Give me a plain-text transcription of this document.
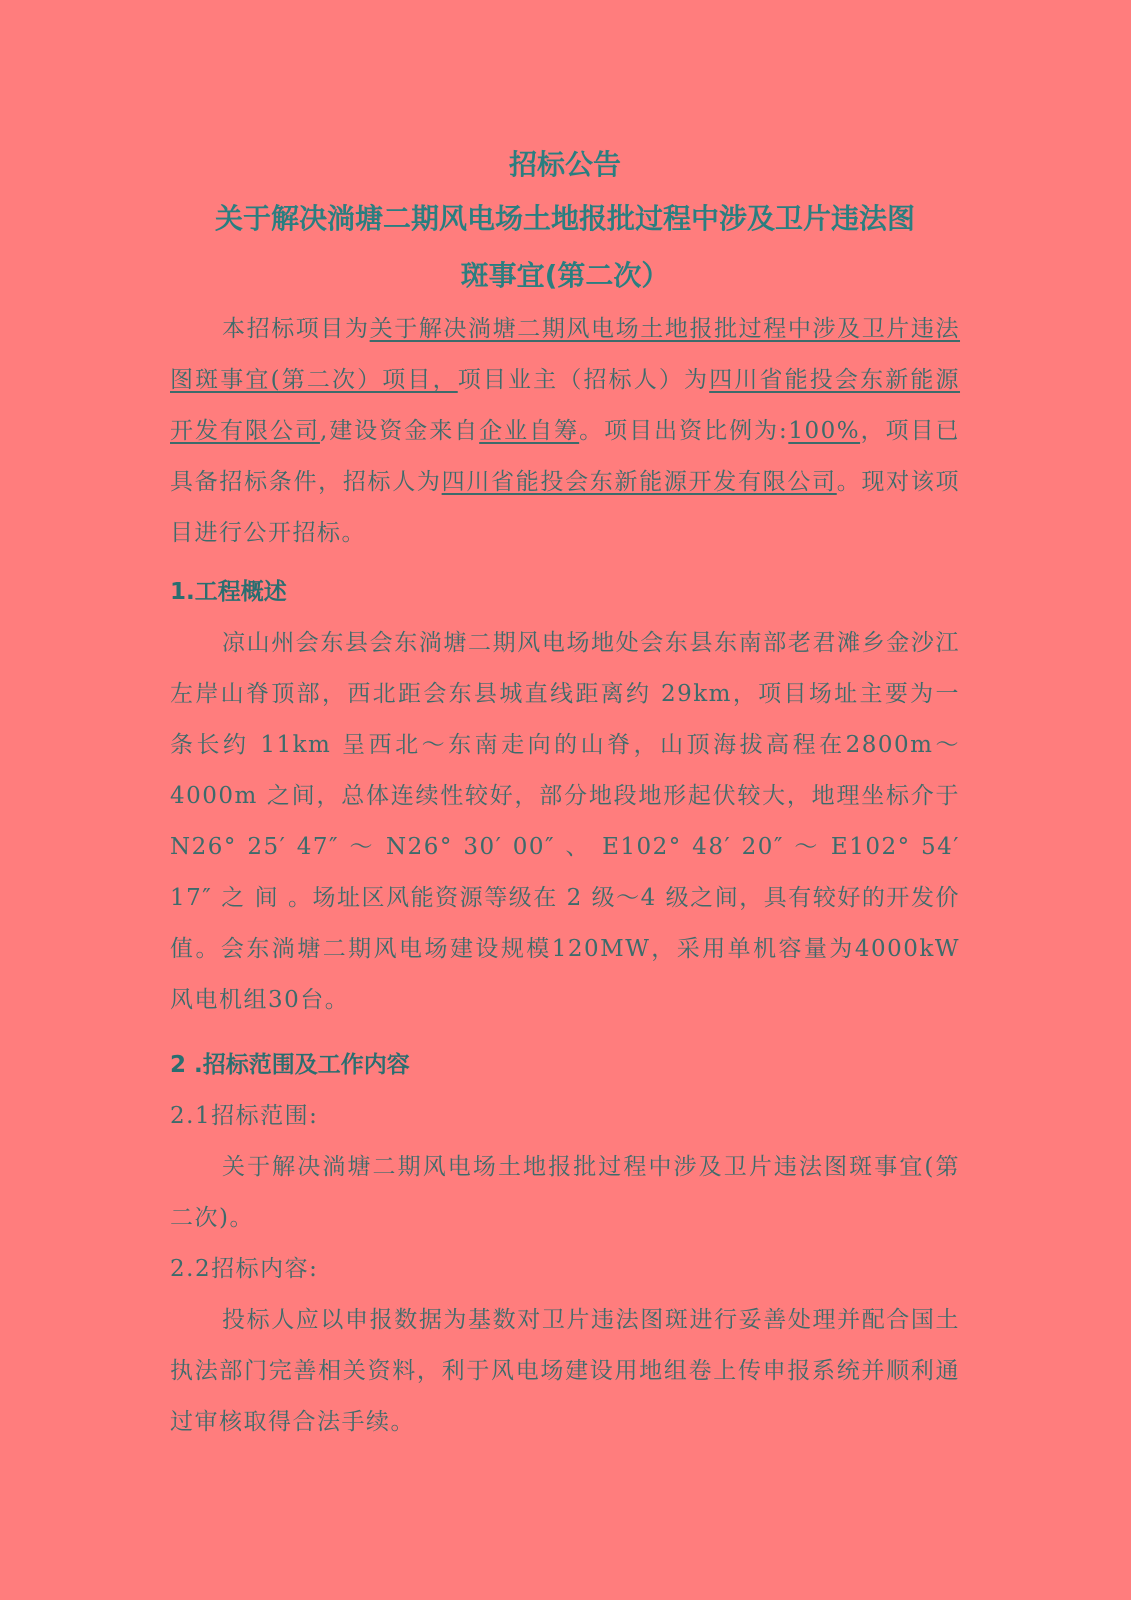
招标公告
关于解决淌塘二期风电场土地报批过程中涉及卫片违法图
斑事宜(第二次）

本招标项目为关于解决淌塘二期风电场土地报批过程中涉及卫片违法图斑事宜(第二次）项目，项目业主（招标人）为四川省能投会东新能源开发有限公司,建设资金来自企业自筹。项目出资比例为:100%，项目已具备招标条件，招标人为四川省能投会东新能源开发有限公司。现对该项目进行公开招标。

1.工程概述

凉山州会东县会东淌塘二期风电场地处会东县东南部老君滩乡金沙江左岸山脊顶部，西北距会东县城直线距离约 29km，项目场址主要为一条长约 11km 呈西北～东南走向的山脊，山顶海拔高程在2800m～ 4000m 之间，总体连续性较好，部分地段地形起伏较大，地理坐标介于N26° 25′ 47″ ～ N26° 30′ 00″ 、 E102° 48′ 20″ ～ E102° 54′ 17″ 之 间 。场址区风能资源等级在 2 级～4 级之间，具有较好的开发价值。会东淌塘二期风电场建设规模120MW，采用单机容量为4000kW风电机组30台。

2 .招标范围及工作内容

2.1招标范围:

关于解决淌塘二期风电场土地报批过程中涉及卫片违法图斑事宜(第二次)。

2.2招标内容:

投标人应以申报数据为基数对卫片违法图斑进行妥善处理并配合国土执法部门完善相关资料，利于风电场建设用地组卷上传申报系统并顺利通过审核取得合法手续。
